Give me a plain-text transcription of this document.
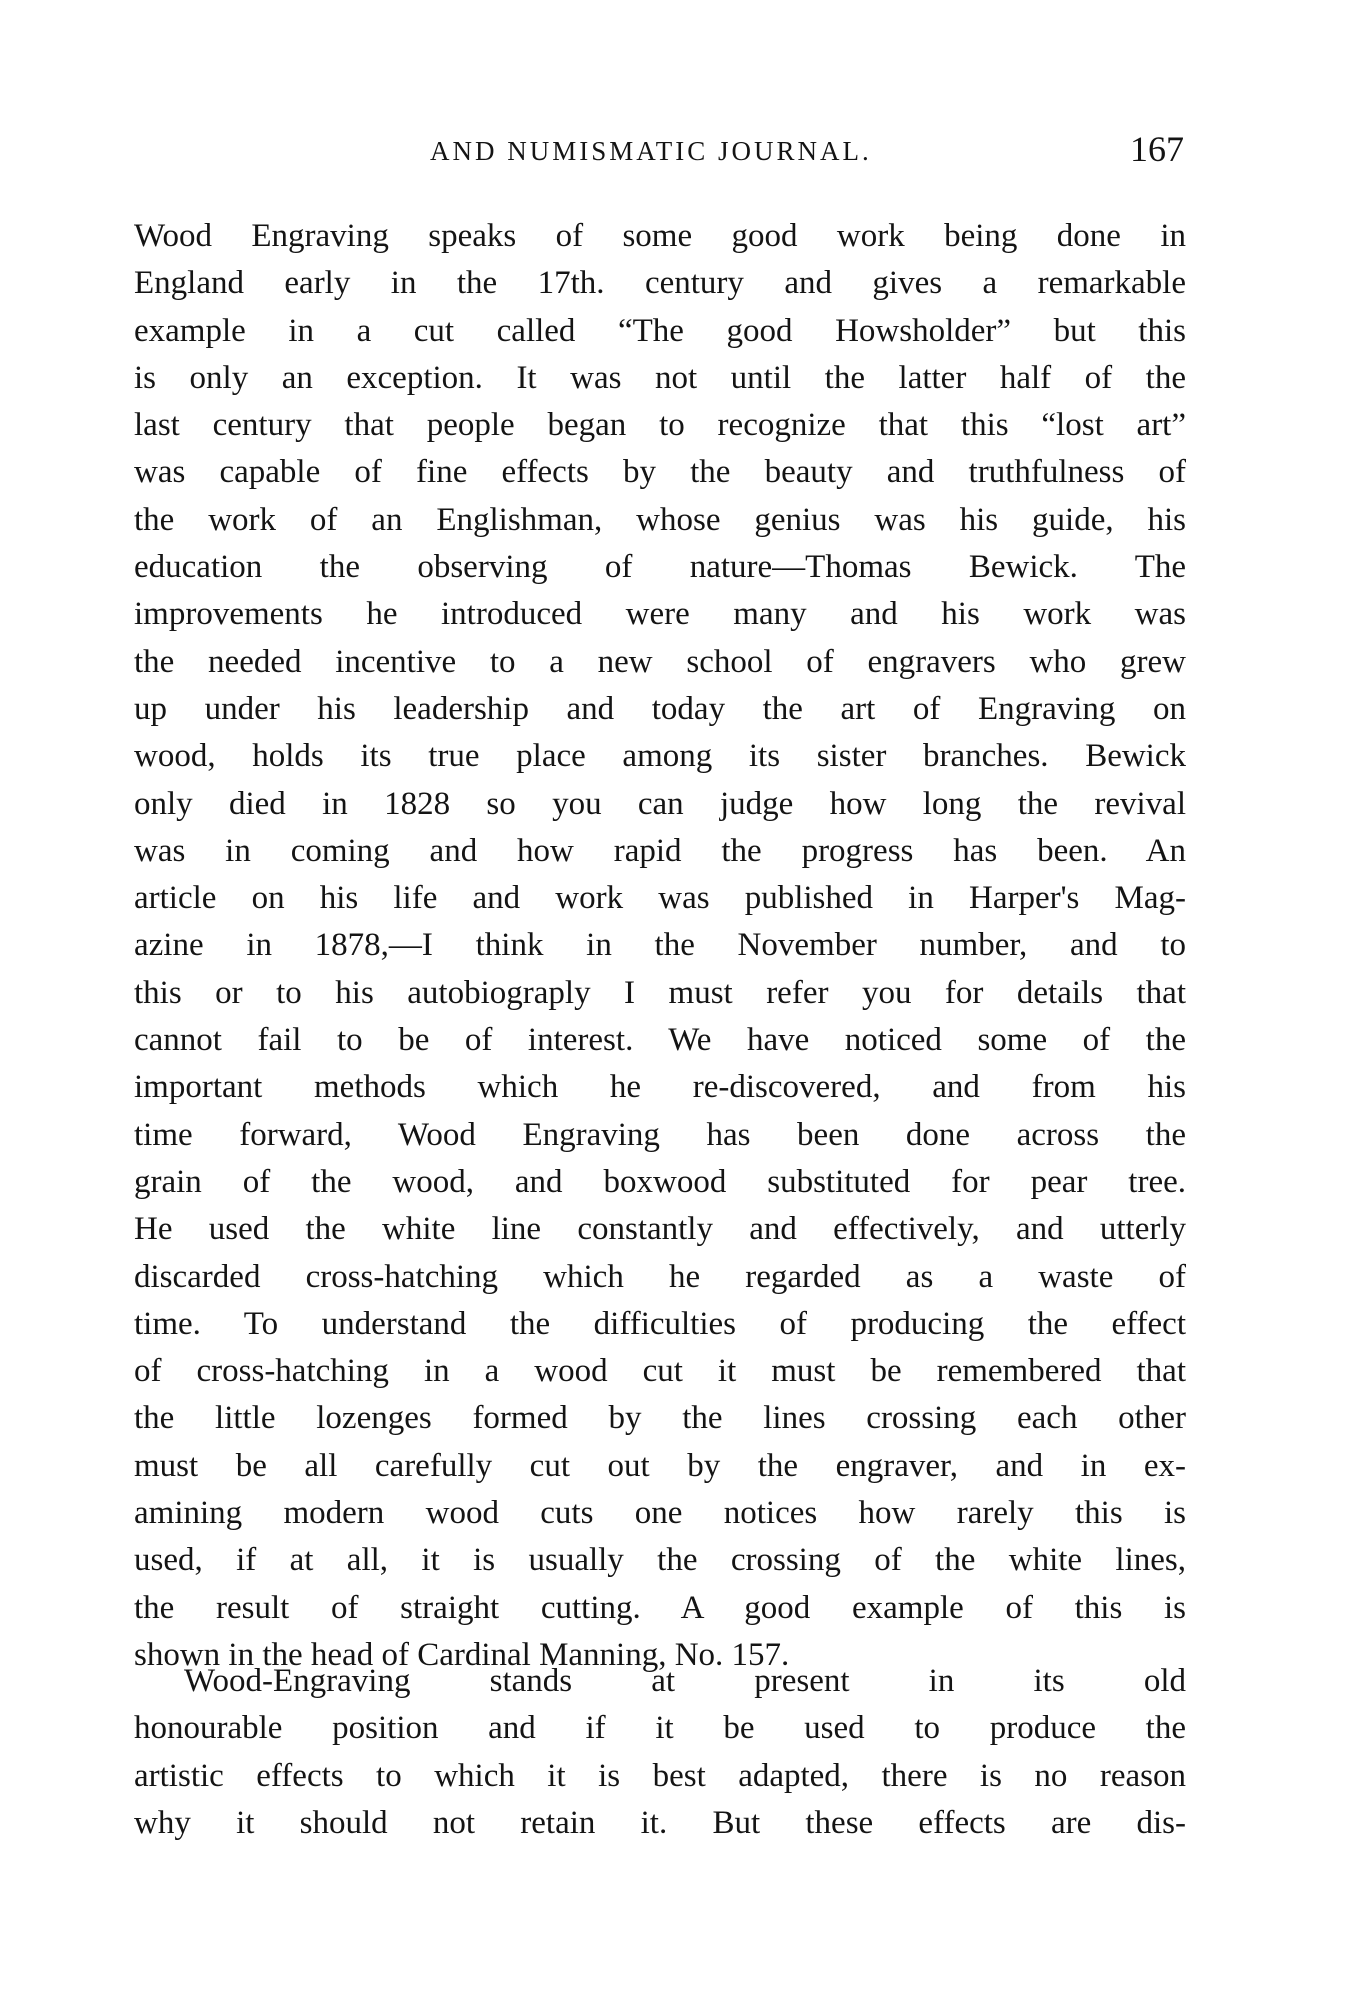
AND NUMISMATIC JOURNAL.	167
Wood Engraving speaks of some good work being done in
England early in the 17th. century and gives a remarkable
example in a cut called “The good Howsholder” but this
is only an exception. It was not until the latter half of the
last century that people began to recognize that this “lost art”
was capable of fine effects by the beauty and truthfulness of
the work of an Englishman, whose genius was his guide, his
education the observing of nature—Thomas Bewick. The
improvements he introduced were many and his work was
the needed incentive to a new school of engravers who grew
up under his leadership and today the art of Engraving on
wood, holds its true place among its sister branches. Bewick
only died in 1828 so you can judge how long the revival
was in coming and how rapid the progress has been. An
article on his life and work was published in Harper's Mag-
azine in 1878,—I think in the November number, and to
this or to his autobiograply I must refer you for details that
cannot fail to be of interest. We have noticed some of the
important methods which he re-discovered, and from his
time forward, Wood Engraving has been done across the
grain of the wood, and boxwood substituted for pear tree.
He used the white line constantly and effectively, and utterly
discarded cross-hatching which he regarded as a waste of
time. To understand the difficulties of producing the effect
of cross-hatching in a wood cut it must be remembered that
the little lozenges formed by the lines crossing each other
must be all carefully cut out by the engraver, and in ex-
amining modern wood cuts one notices how rarely this is
used, if at all, it is usually the crossing of the white lines,
the result of straight cutting. A good example of this is
shown in the head of Cardinal Manning, No. 157.
Wood-Engraving stands at present in its old
honourable position and if it be used to produce the
artistic effects to which it is best adapted, there is no reason
why it should not retain it. But these effects are dis-
